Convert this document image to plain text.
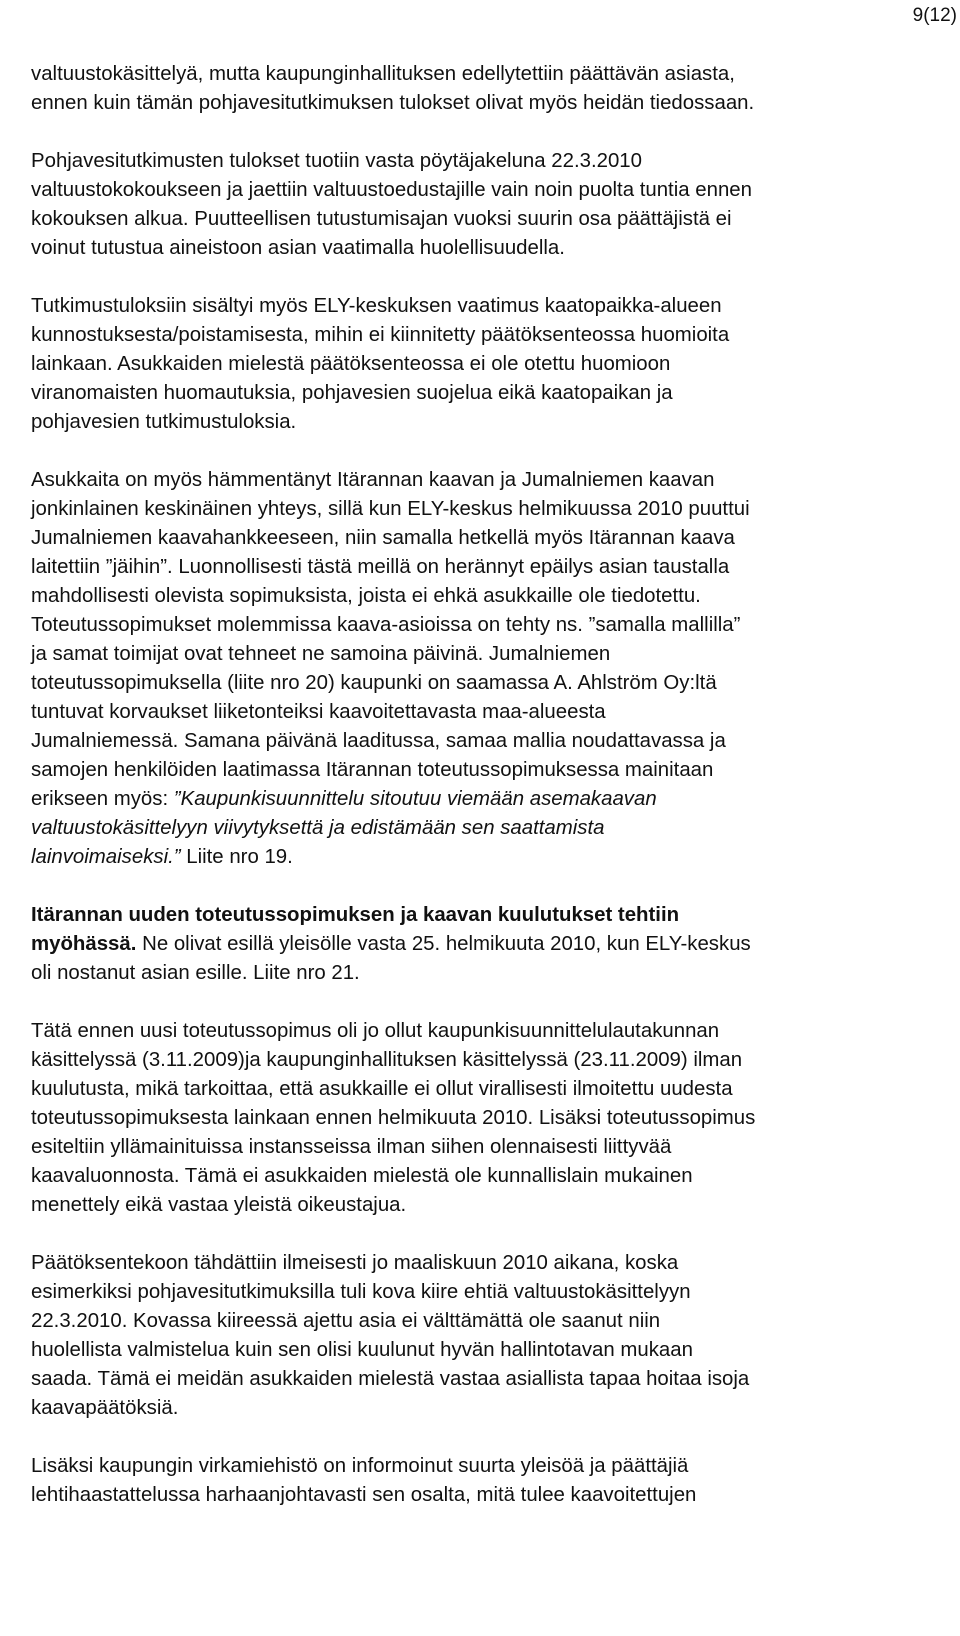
9(12)

valtuustokäsittelyä, mutta kaupunginhallituksen edellytettiin päättävän asiasta,
ennen kuin tämän pohjavesitutkimuksen tulokset olivat myös heidän tiedossaan.

Pohjavesitutkimusten tulokset tuotiin vasta pöytäjakeluna 22.3.2010
valtuustokokoukseen ja jaettiin valtuustoedustajille vain noin puolta tuntia ennen
kokouksen alkua. Puutteellisen tutustumisajan vuoksi suurin osa päättäjistä ei
voinut tutustua aineistoon asian vaatimalla huolellisuudella.

Tutkimustuloksiin sisältyi myös ELY-keskuksen vaatimus kaatopaikka-alueen
kunnostuksesta/poistamisesta, mihin ei kiinnitetty päätöksenteossa huomioita
lainkaan. Asukkaiden mielestä päätöksenteossa ei ole otettu huomioon
viranomaisten huomautuksia, pohjavesien suojelua eikä kaatopaikan ja
pohjavesien tutkimustuloksia.

Asukkaita on myös hämmentänyt Itärannan kaavan ja Jumalniemen kaavan
jonkinlainen keskinäinen yhteys, sillä kun ELY-keskus helmikuussa 2010 puuttui
Jumalniemen kaavahankkeeseen, niin samalla hetkellä myös Itärannan kaava
laitettiin ”jäihin”. Luonnollisesti tästä meillä on herännyt epäilys asian taustalla
mahdollisesti olevista sopimuksista, joista ei ehkä asukkaille ole tiedotettu.
Toteutussopimukset molemmissa kaava-asioissa on tehty ns. ”samalla mallilla”
ja samat toimijat ovat tehneet ne samoina päivinä. Jumalniemen
toteutussopimuksella (liite nro 20) kaupunki on saamassa A. Ahlström Oy:ltä
tuntuvat korvaukset liiketonteiksi kaavoitettavasta maa-alueesta
Jumalniemessä. Samana päivänä laaditussa, samaa mallia noudattavassa ja
samojen henkilöiden laatimassa Itärannan toteutussopimuksessa mainitaan
erikseen myös: ”Kaupunkisuunnittelu sitoutuu viemään asemakaavan
valtuustokäsittelyyn viivytyksettä ja edistämään sen saattamista
lainvoimaiseksi.” Liite nro 19.

Itärannan uuden toteutussopimuksen ja kaavan kuulutukset tehtiin
myöhässä. Ne olivat esillä yleisölle vasta 25. helmikuuta 2010, kun ELY-keskus
oli nostanut asian esille. Liite nro 21.

Tätä ennen uusi toteutussopimus oli jo ollut kaupunkisuunnittelulautakunnan
käsittelyssä (3.11.2009)ja kaupunginhallituksen käsittelyssä (23.11.2009) ilman
kuulutusta, mikä tarkoittaa, että asukkaille ei ollut virallisesti ilmoitettu uudesta
toteutussopimuksesta lainkaan ennen helmikuuta 2010. Lisäksi toteutussopimus
esiteltiin yllämainituissa instansseissa ilman siihen olennaisesti liittyvää
kaavaluonnosta. Tämä ei asukkaiden mielestä ole kunnallislain mukainen
menettely eikä vastaa yleistä oikeustajua.

Päätöksentekoon tähdättiin ilmeisesti jo maaliskuun 2010 aikana, koska
esimerkiksi pohjavesitutkimuksilla tuli kova kiire ehtiä valtuustokäsittelyyn
22.3.2010. Kovassa kiireessä ajettu asia ei välttämättä ole saanut niin
huolellista valmistelua kuin sen olisi kuulunut hyvän hallintotavan mukaan
saada. Tämä ei meidän asukkaiden mielestä vastaa asiallista tapaa hoitaa isoja
kaavapäätöksiä.

Lisäksi kaupungin virkamiehistö on informoinut suurta yleisöä ja päättäjiä
lehtihaastattelussa harhaanjohtavasti sen osalta, mitä tulee kaavoitettujen
